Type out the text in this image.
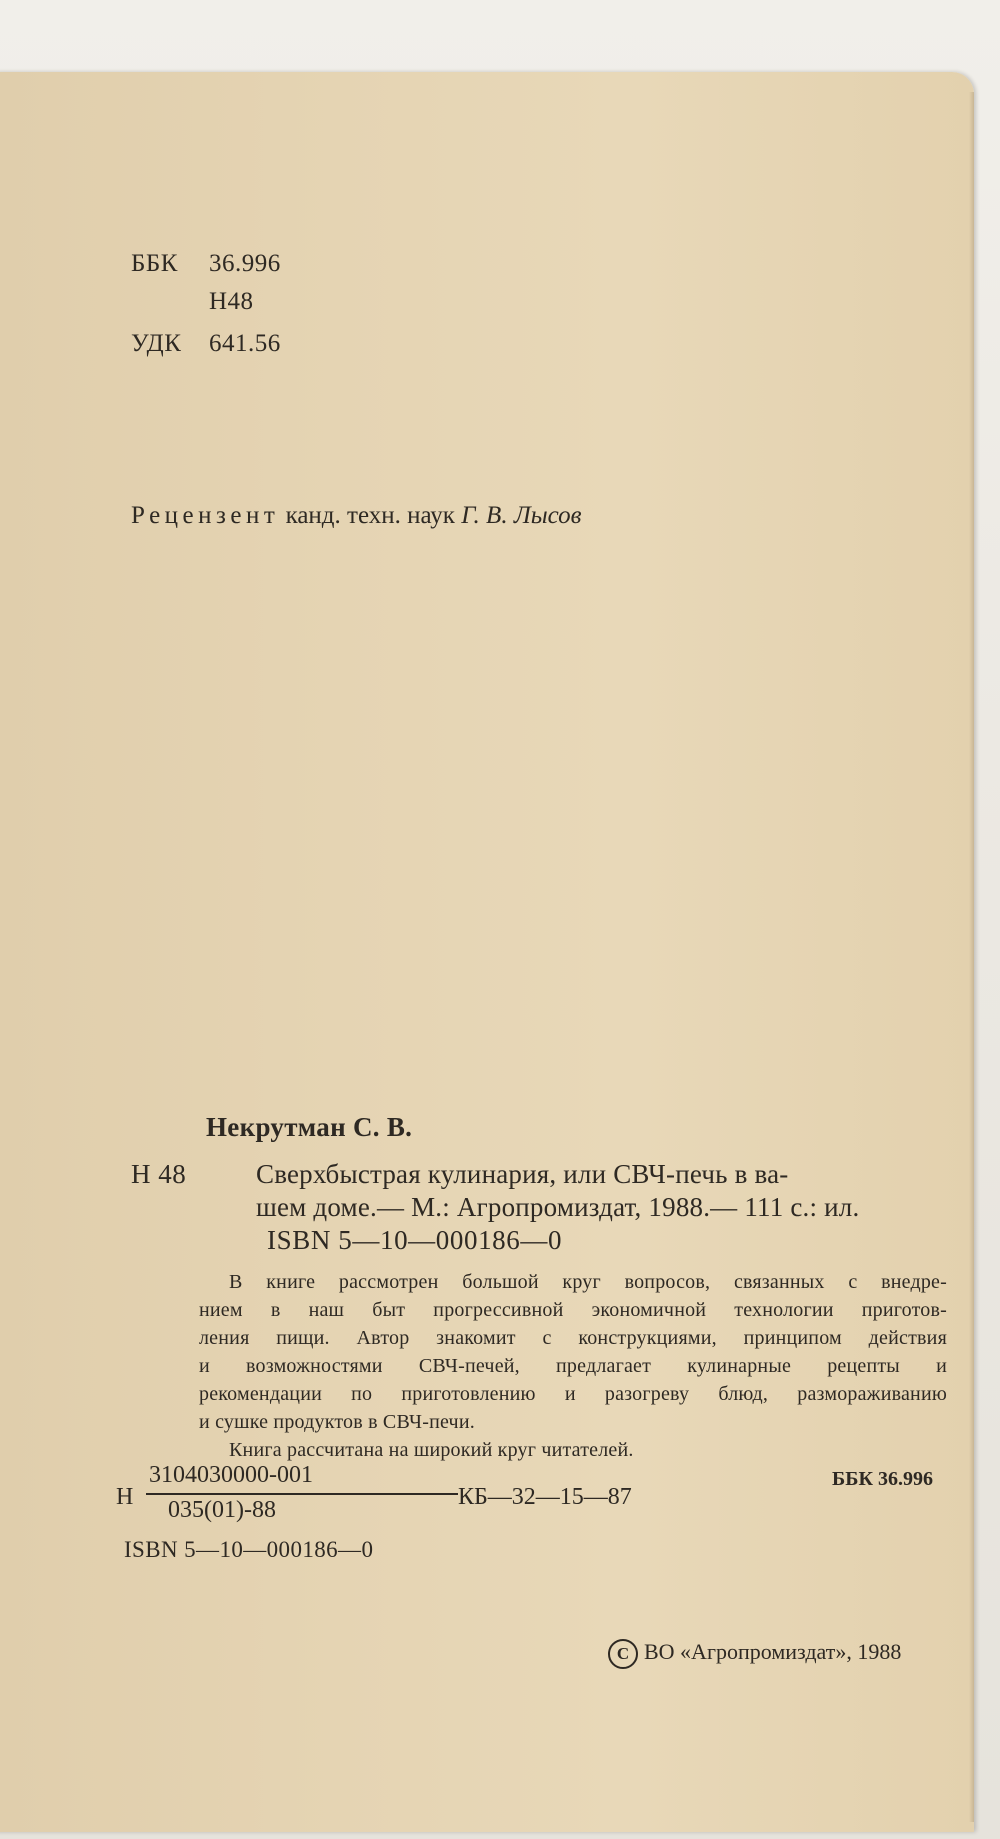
ББК 36.996
Н48
УДК 641.56
Рецензент канд. техн. наук Г. В. Лысов
Некрутман С. В.
Н 48	Сверхбыстрая кулинария, или СВЧ-печь в ва-
шем доме.— М.: Агропромиздат, 1988.— 111 с.: ил.
ISBN 5—10—000186—0
В книге рассмотрен большой круг вопросов, связанных с внедре-
нием в наш быт прогрессивной экономичной технологии приготов-
ления пищи. Автор знакомит с конструкциями, принципом действия
и возможностями СВЧ-печей, предлагает кулинарные рецепты и
рекомендации по приготовлению и разогреву блюд, размораживанию
и сушке продуктов в СВЧ-печи.
Книга рассчитана на широкий круг читателей.
Н
3104030000-001
035(01)-88	КБ—32—15—87
ББК 36.996
ISBN 5—10—000186—0
C ВО «Агропромиздат», 1988
